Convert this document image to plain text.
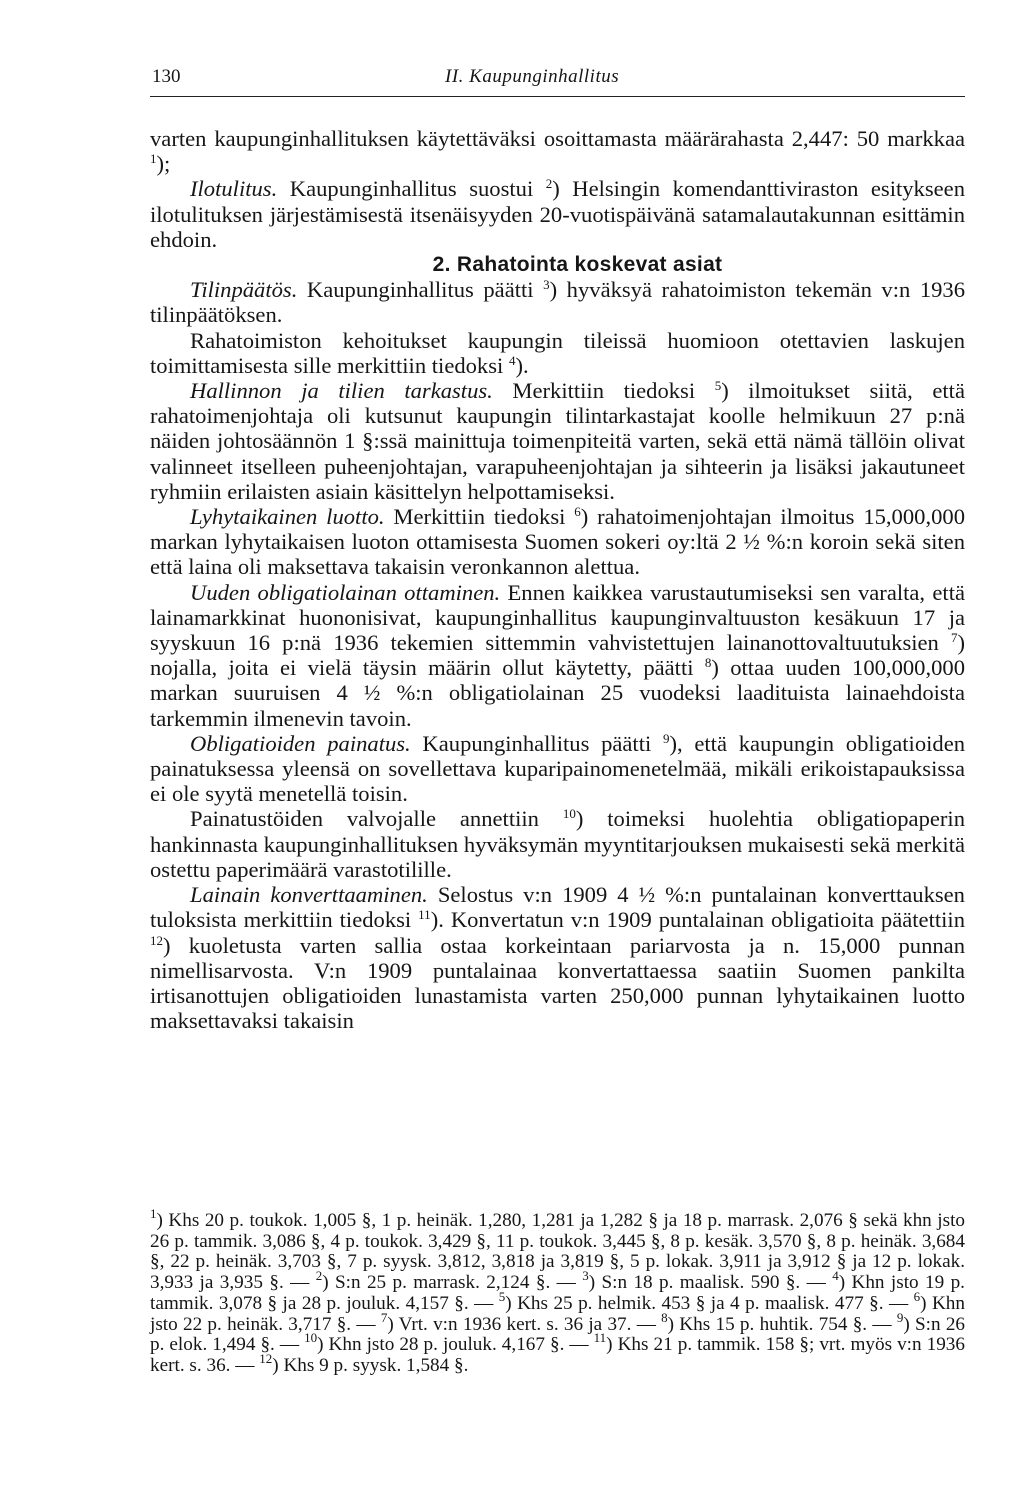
130	II. Kaupunginhallitus

varten kaupunginhallituksen käytettäväksi osoittamasta määrärahasta 2,447: 50 markkaa $^1$);

Ilotulitus. Kaupunginhallitus suostui $^2$) Helsingin komendanttiviraston esitykseen ilotulituksen järjestämisestä itsenäisyyden 20-vuotispäivänä satamalautakunnan esittämin ehdoin.

2. Rahatointa koskevat asiat

Tilinpäätös. Kaupunginhallitus päätti $^3$) hyväksyä rahatoimiston tekemän v:n 1936 tilinpäätöksen.

Rahatoimiston kehoitukset kaupungin tileissä huomioon otettavien laskujen toimittamisesta sille merkittiin tiedoksi $^4$).

Hallinnon ja tilien tarkastus. Merkittiin tiedoksi $^5$) ilmoitukset siitä, että rahatoimenjohtaja oli kutsunut kaupungin tilintarkastajat koolle helmikuun 27 p:nä näiden johtosäännön 1 §:ssä mainittuja toimenpiteitä varten, sekä että nämä tällöin olivat valinneet itselleen puheenjohtajan, varapuheenjohtajan ja sihteerin ja lisäksi jakautuneet ryhmiin erilaisten asiain käsittelyn helpottamiseksi.

Lyhytaikainen luotto. Merkittiin tiedoksi $^6$) rahatoimenjohtajan ilmoitus 15,000,000 markan lyhytaikaisen luoton ottamisesta Suomen sokeri oy:ltä 2 ½ %:n koroin sekä siten että laina oli maksettava takaisin veronkannon alettua.

Uuden obligatiolainan ottaminen. Ennen kaikkea varustautumiseksi sen varalta, että lainamarkkinat huononisivat, kaupunginhallitus kaupunginvaltuuston kesäkuun 17 ja syyskuun 16 p:nä 1936 tekemien sittemmin vahvistettujen lainanottovaltuutuksien $^7$) nojalla, joita ei vielä täysin määrin ollut käytetty, päätti $^8$) ottaa uuden 100,000,000 markan suuruisen 4 ½ %:n obligatiolainan 25 vuodeksi laadituista lainaehdoista tarkemmin ilmenevin tavoin.

Obligatioiden painatus. Kaupunginhallitus päätti $^9$), että kaupungin obligatioiden painatuksessa yleensä on sovellettava kuparipainomenetelmää, mikäli erikoistapauksissa ei ole syytä menetellä toisin.

Painatustöiden valvojalle annettiin $^{10}$) toimeksi huolehtia obligatiopaperin hankinnasta kaupunginhallituksen hyväksymän myyntitarjouksen mukaisesti sekä merkitä ostettu paperimäärä varastotilille.

Lainain konverttaaminen. Selostus v:n 1909 4 ½ %:n puntalainan konverttauksen tuloksista merkittiin tiedoksi $^{11}$). Konvertatun v:n 1909 puntalainan obligatioita päätettiin $^{12}$) kuoletusta varten sallia ostaa korkeintaan pariarvosta ja n. 15,000 punnan nimellisarvosta. V:n 1909 puntalainaa konvertattaessa saatiin Suomen pankilta irtisanottujen obligatioiden lunastamista varten 250,000 punnan lyhytaikainen luotto maksettavaksi takaisin

$^1$) Khs 20 p. toukok. 1,005 §, 1 p. heinäk. 1,280, 1,281 ja 1,282 § ja 18 p. marrask. 2,076 § sekä khn jsto 26 p. tammik. 3,086 §, 4 p. toukok. 3,429 §, 11 p. toukok. 3,445 §, 8 p. kesäk. 3,570 §, 8 p. heinäk. 3,684 §, 22 p. heinäk. 3,703 §, 7 p. syysk. 3,812, 3,818 ja 3,819 §, 5 p. lokak. 3,911 ja 3,912 § ja 12 p. lokak. 3,933 ja 3,935 §. — $^2$) S:n 25 p. marrask. 2,124 §. — $^3$) S:n 18 p. maalisk. 590 §. — $^4$) Khn jsto 19 p. tammik. 3,078 § ja 28 p. jouluk. 4,157 §. — $^5$) Khs 25 p. helmik. 453 § ja 4 p. maalisk. 477 §. — $^6$) Khn jsto 22 p. heinäk. 3,717 §. — $^7$) Vrt. v:n 1936 kert. s. 36 ja 37. — $^8$) Khs 15 p. huhtik. 754 §. — $^9$) S:n 26 p. elok. 1,494 §. — $^{10}$) Khn jsto 28 p. jouluk. 4,167 §. — $^{11}$) Khs 21 p. tammik. 158 §; vrt. myös v:n 1936 kert. s. 36. — $^{12}$) Khs 9 p. syysk. 1,584 §.
